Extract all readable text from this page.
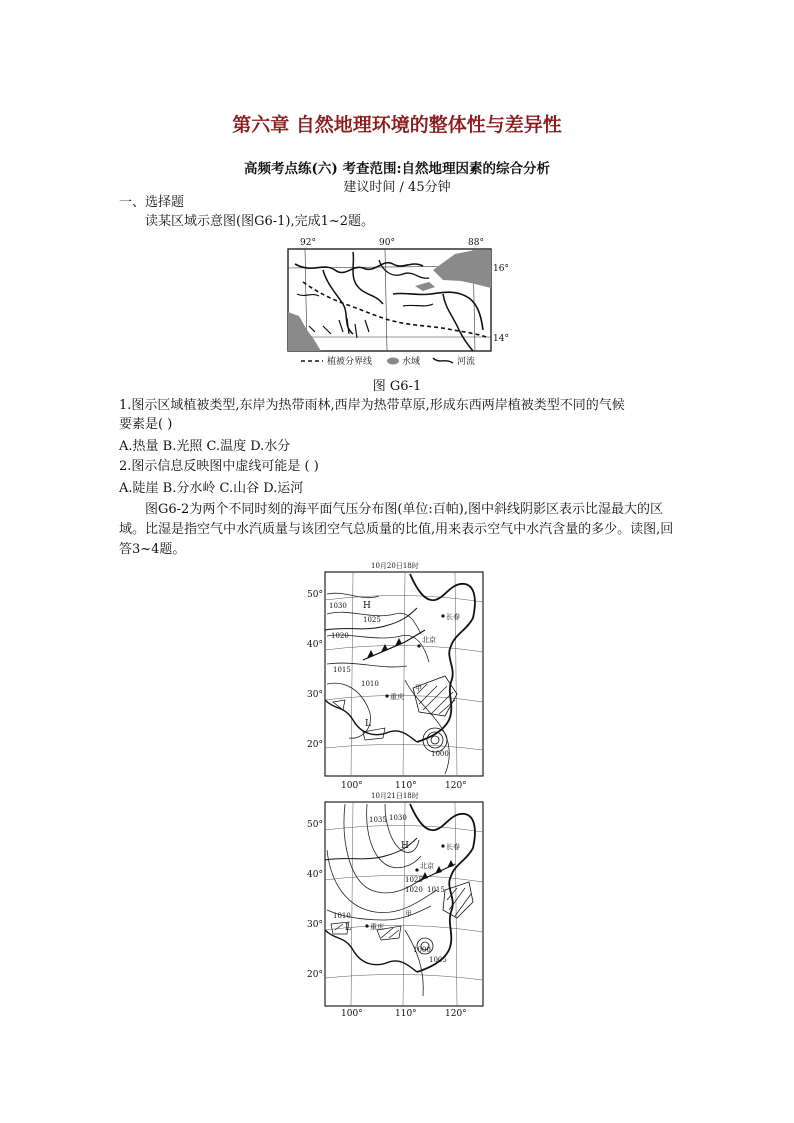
第六章 自然地理环境的整体性与差异性
高频考点练(六) 考查范围:自然地理因素的综合分析
建议时间 / 45分钟
一、选择题
读某区域示意图(图G6-1),完成1~2题。
92°	90°	88°
16°
14°
植被分界线	水域	河流
图 G6-1
1.图示区域植被类型,东岸为热带雨林,西岸为热带草原,形成东西两岸植被类型不同的气候
要素是( )
A.热量 B.光照 C.温度 D.水分
2.图示信息反映图中虚线可能是 ( )
A.陡崖 B.分水岭 C.山谷 D.运河
图G6-2为两个不同时刻的海平面气压分布图(单位:百帕),图中斜线阴影区表示比湿最大的区域。比湿是指空气中水汽质量与该团空气总质量的比值,用来表示空气中水汽含量的多少。读图,回答3~4题。
10月20日18时
50°
40°
30°
20°
100°	110°	120°
1030
1025
1020
1015
1010
1000
H
L
长春
北京
重庆
甲
10月21日18时
50°
40°
30°
20°
100°	110°	120°
1035 1030
1025
1020 1015
1010
1005
1000
H
L
长春
北京
重庆
甲
